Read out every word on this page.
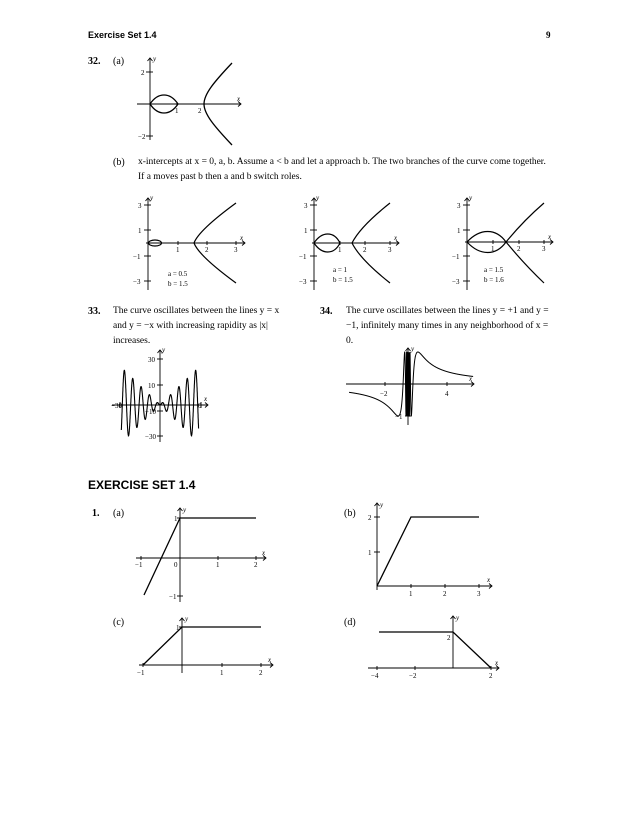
Exercise Set 1.4	9
32. (a)	y
x
2
1	2
−2
(b) x-intercepts at x = 0, a, b. Assume a < b and let a approach b. The two branches of the curve come together. If a moves past b then a and b switch roles.
y
x
3
1
−1
−3
1	2	3
a = 0.5
b = 1.5
y
x
3
1
−1
−3
1	2	3
a = 1
b = 1.5
y
x
3
1
−1
−3
1	2	3
a = 1.5
b = 1.6
33. The curve oscillates between the lines y = x and y = −x with increasing rapidity as |x| increases.
y
x
30
10
−10
−30
−30	0
34. The curve oscillates between the lines y = +1 and y = −1, infinitely many times in any neighborhood of x = 0.
y
x
−2	4
−1
EXERCISE SET 1.4
1. (a)	(b)
(c)	(d)
y
x
1
−1
−1	0	1	2
y
x
2
1
1	2	3
y
x
1
−1	1	2
y
x
2
−4	−2	2
